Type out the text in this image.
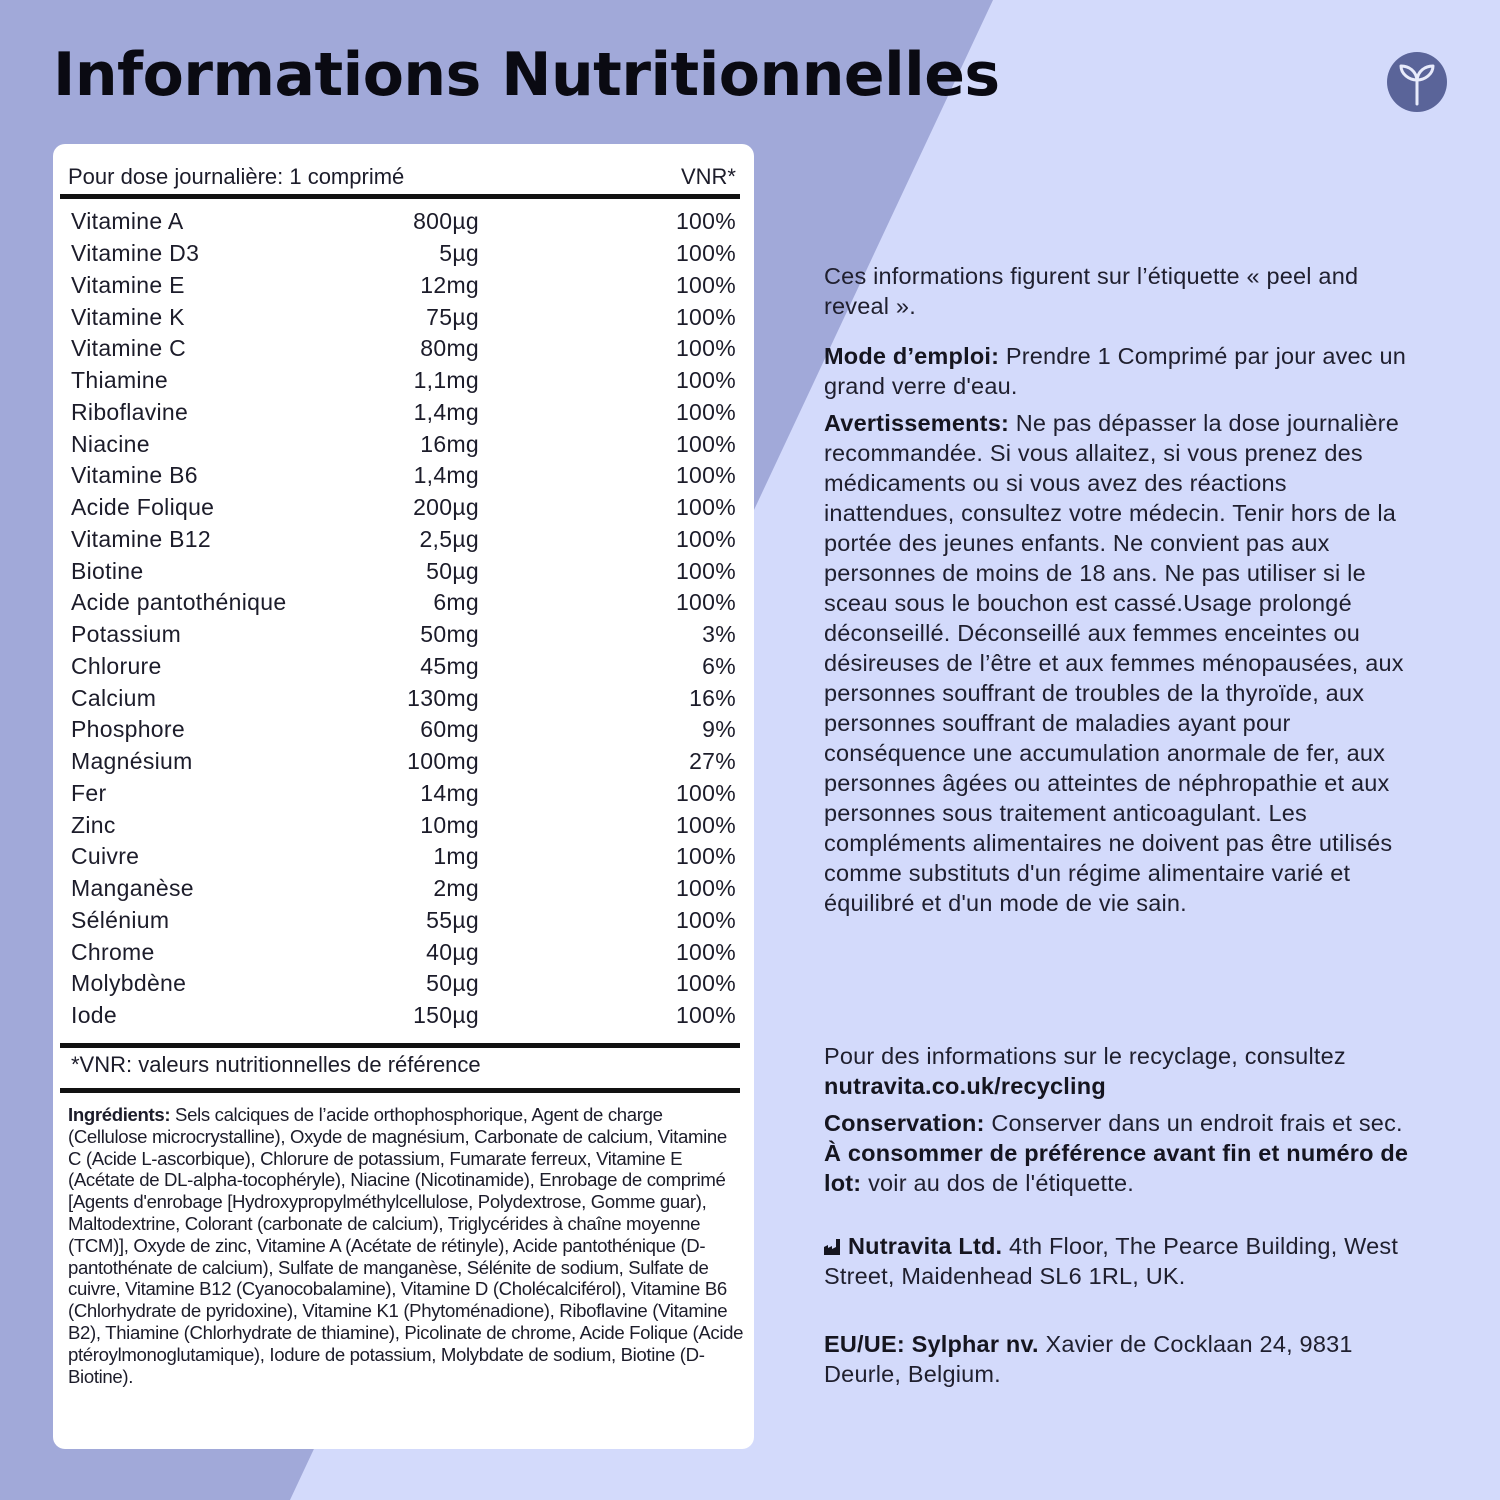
Informations Nutritionnelles
Pour dose journalière: 1 comprimé	VNR*
Vitamine A	800µg	100%
Vitamine D3	5µg	100%
Vitamine E	12mg	100%
Vitamine K	75µg	100%
Vitamine C	80mg	100%
Thiamine	1,1mg	100%
Riboflavine	1,4mg	100%
Niacine	16mg	100%
Vitamine B6	1,4mg	100%
Acide Folique	200µg	100%
Vitamine B12	2,5µg	100%
Biotine	50µg	100%
Acide pantothénique	6mg	100%
Potassium	50mg	3%
Chlorure	45mg	6%
Calcium	130mg	16%
Phosphore	60mg	9%
Magnésium	100mg	27%
Fer	14mg	100%
Zinc	10mg	100%
Cuivre	1mg	100%
Manganèse	2mg	100%
Sélénium	55µg	100%
Chrome	40µg	100%
Molybdène	50µg	100%
Iode	150µg	100%
*VNR: valeurs nutritionnelles de référence
Ingrédients: Sels calciques de l’acide orthophosphorique, Agent de charge (Cellulose microcrystalline), Oxyde de magnésium, Carbonate de calcium, Vitamine C (Acide L-ascorbique), Chlorure de potassium, Fumarate ferreux, Vitamine E (Acétate de DL-alpha-tocophéryle), Niacine (Nicotinamide), Enrobage de comprimé [Agents d'enrobage [Hydroxypropylméthylcellulose, Polydextrose, Gomme guar), Maltodextrine, Colorant (carbonate de calcium), Triglycérides à chaîne moyenne (TCM)], Oxyde de zinc, Vitamine A (Acétate de rétinyle), Acide pantothénique (D-pantothénate de calcium), Sulfate de manganèse, Sélénite de sodium, Sulfate de cuivre, Vitamine B12 (Cyanocobalamine), Vitamine D (Cholécalciférol), Vitamine B6 (Chlorhydrate de pyridoxine), Vitamine K1 (Phytoménadione), Riboflavine (Vitamine B2), Thiamine (Chlorhydrate de thiamine), Picolinate de chrome, Acide Folique (Acide ptéroylmonoglutamique), Iodure de potassium, Molybdate de sodium, Biotine (D-Biotine).

Ces informations figurent sur l’étiquette « peel and reveal ».

Mode d’emploi: Prendre 1 Comprimé par jour avec un grand verre d'eau.

Avertissements: Ne pas dépasser la dose journalière recommandée. Si vous allaitez, si vous prenez des médicaments ou si vous avez des réactions inattendues, consultez votre médecin. Tenir hors de la portée des jeunes enfants. Ne convient pas aux personnes de moins de 18 ans. Ne pas utiliser si le sceau sous le bouchon est cassé.Usage prolongé déconseillé. Déconseillé aux femmes enceintes ou désireuses de l’être et aux femmes ménopausées, aux personnes souffrant de troubles de la thyroïde, aux personnes souffrant de maladies ayant pour conséquence une accumulation anormale de fer, aux personnes âgées ou atteintes de néphropathie et aux personnes sous traitement anticoagulant. Les compléments alimentaires ne doivent pas être utilisés comme substituts d'un régime alimentaire varié et équilibré et d'un mode de vie sain.

Pour des informations sur le recyclage, consultez nutravita.co.uk/recycling

Conservation: Conserver dans un endroit frais et sec. À consommer de préférence avant fin et numéro de lot: voir au dos de l'étiquette.

Nutravita Ltd. 4th Floor, The Pearce Building, West Street, Maidenhead SL6 1RL, UK.

EU/UE: Sylphar nv. Xavier de Cocklaan 24, 9831 Deurle, Belgium.
